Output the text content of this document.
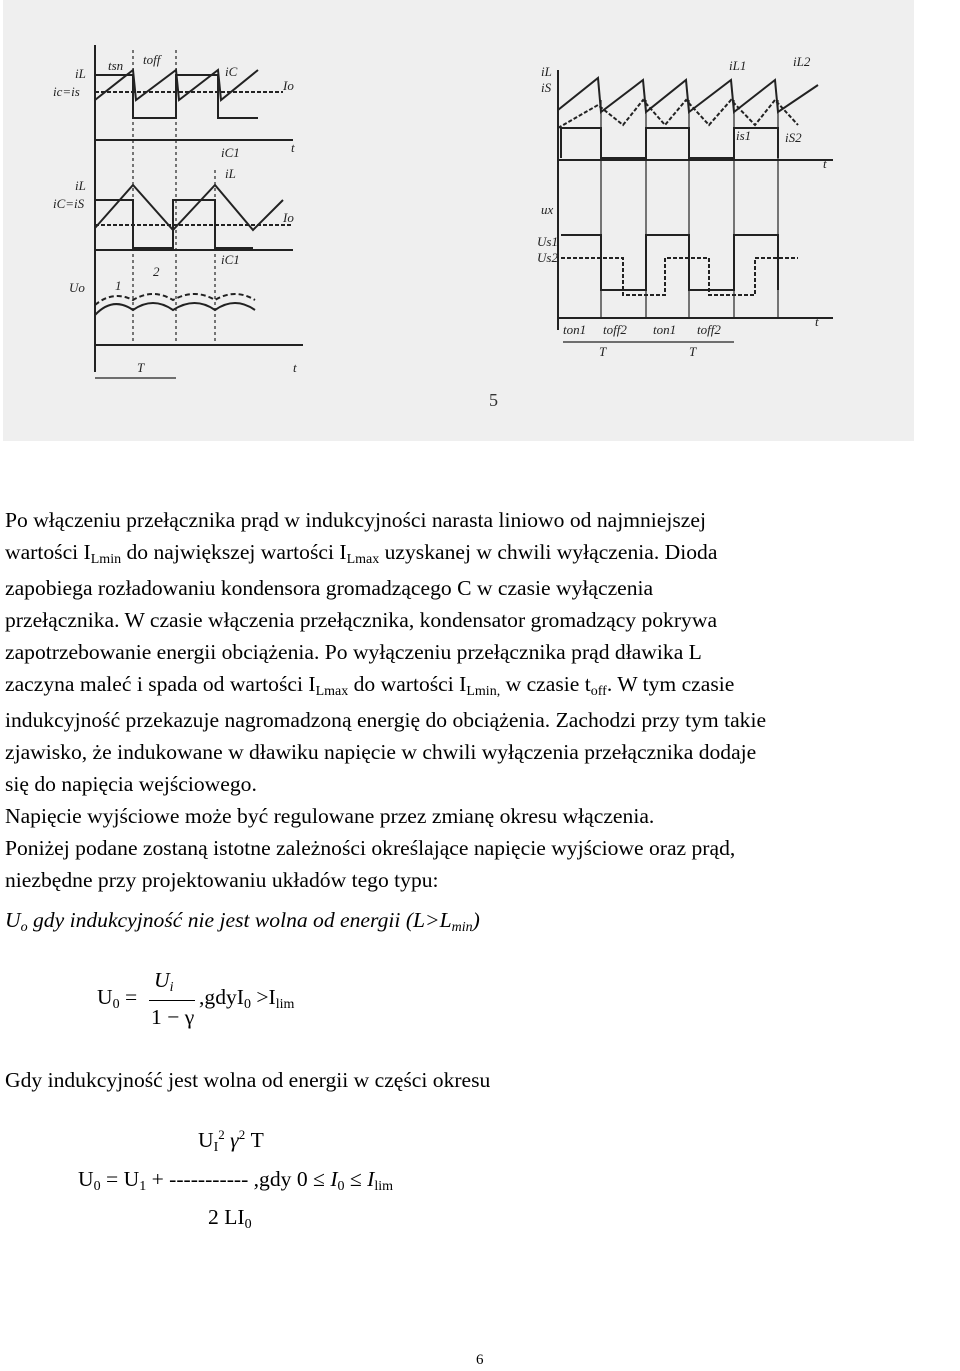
iL
tsn toff
iC
ic=is	Io
t
iC1
iL
iC=iS
iL
Io
iC1
Uo
2
1
T	t
iL
iS
iL1	iL2
is1	iS2
t
ux
Us1
Us2
ton1 toff2 ton1 toff2
T	T
t
5

Po włączeniu przełącznika prąd w indukcyjności narasta liniowo od najmniejszej

wartości ILmin do największej wartości ILmax uzyskanej w chwili wyłączenia. Dioda

zapobiega rozładowaniu kondensora gromadzącego C w czasie wyłączenia

przełącznika. W czasie włączenia przełącznika, kondensator gromadzący pokrywa

zapotrzebowanie energii obciążenia. Po wyłączeniu przełącznika prąd dławika L

zaczyna maleć i spada od wartości ILmax do wartości ILmin, w czasie toff. W tym czasie

indukcyjność przekazuje nagromadzoną energię do obciążenia. Zachodzi przy tym takie

zjawisko, że indukowane w dławiku napięcie w chwili wyłączenia przełącznika dodaje

się do napięcia wejściowego.

Napięcie wyjściowe może być regulowane przez zmianę okresu włączenia.

Poniżej podane zostaną istotne zależności określające napięcie wyjściowe oraz prąd,

niezbędne przy projektowaniu układów tego typu:

Uo gdy indukcyjność nie jest wolna od energii (L>Lmin)
U0 =
Ui
1 − γ
,gdyI0 >Ilim
Gdy indukcyjność jest wolna od energii w części okresu
$UI^2$ $\gamma^2$ T
U0 = U1 + ----------- ,gdy 0 ≤ I0 ≤ Ilim
2 LI0
6
